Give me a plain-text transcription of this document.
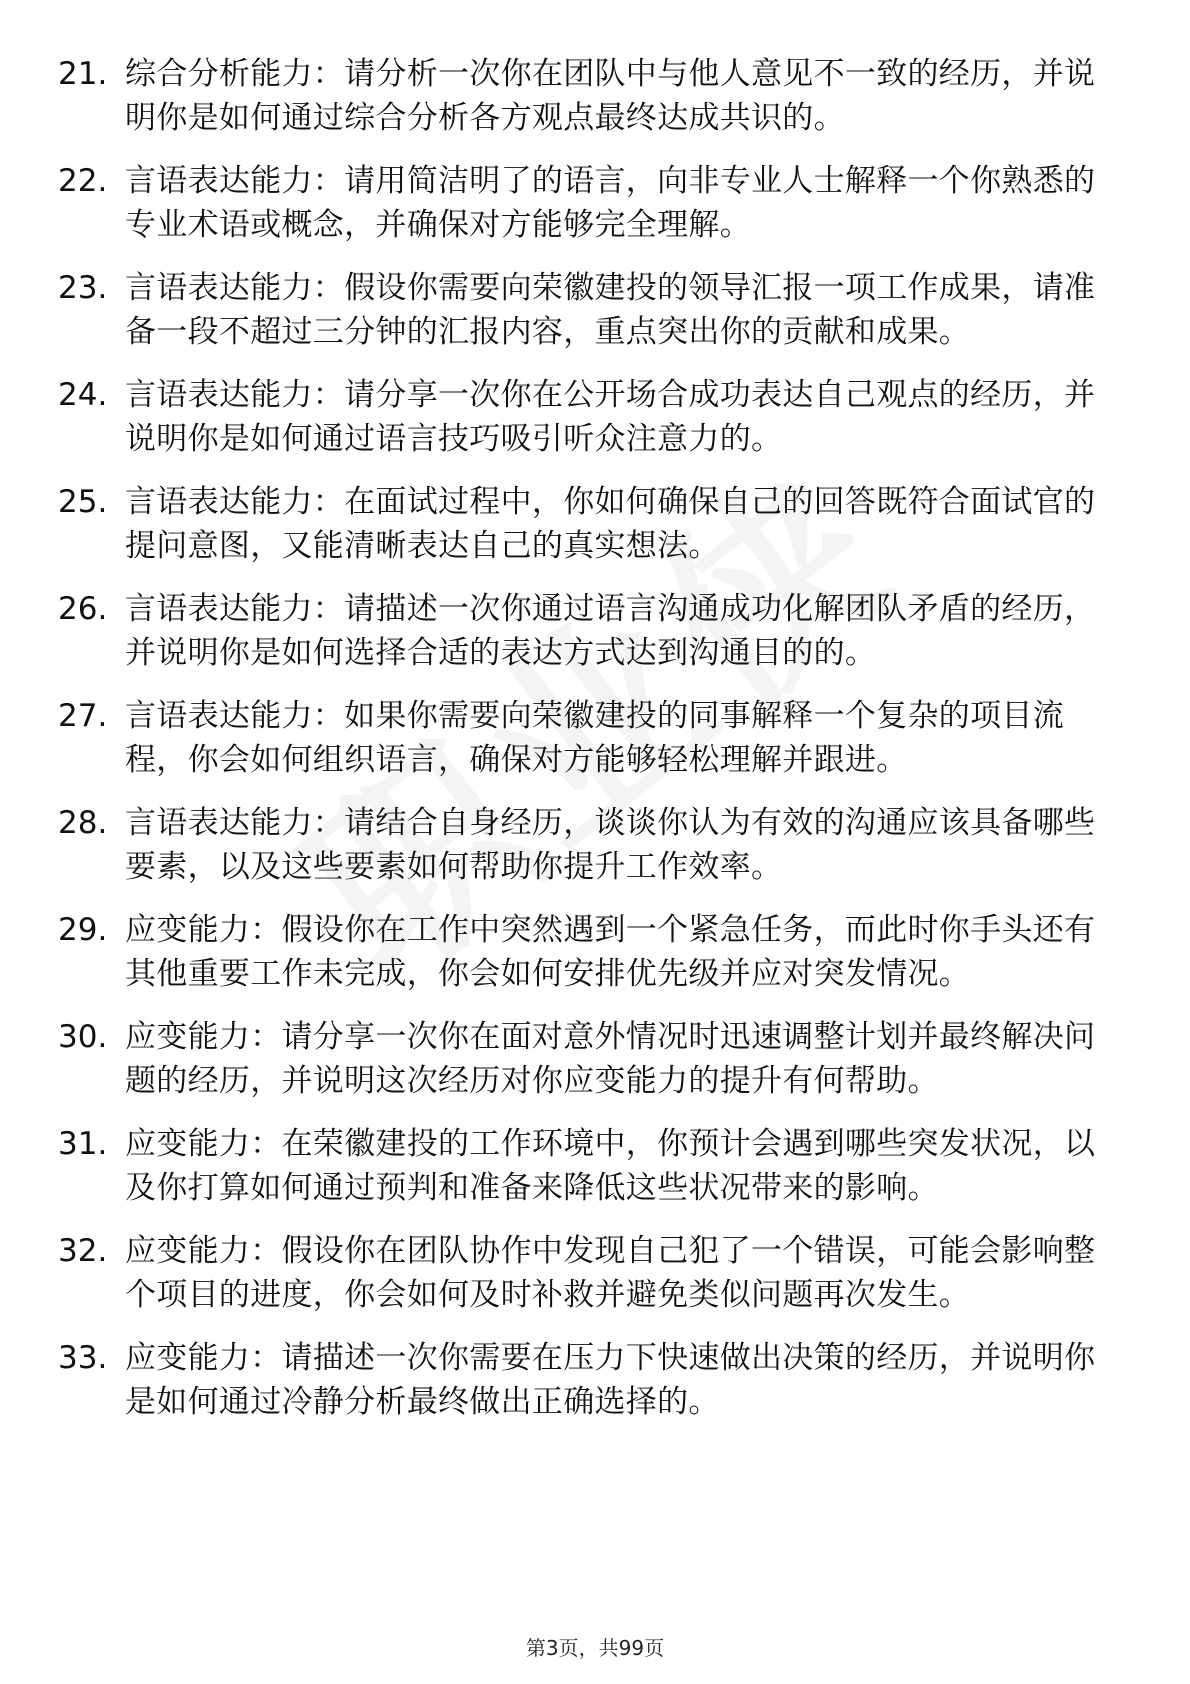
21. 综合分析能力：请分析一次你在团队中与他人意见不一致的经历，并说明你是如何通过综合分析各方观点最终达成共识的。
22. 言语表达能力：请用简洁明了的语言，向非专业人士解释一个你熟悉的专业术语或概念，并确保对方能够完全理解。
23. 言语表达能力：假设你需要向荣徽建投的领导汇报一项工作成果，请准备一段不超过三分钟的汇报内容，重点突出你的贡献和成果。
24. 言语表达能力：请分享一次你在公开场合成功表达自己观点的经历，并说明你是如何通过语言技巧吸引听众注意力的。
25. 言语表达能力：在面试过程中，你如何确保自己的回答既符合面试官的提问意图，又能清晰表达自己的真实想法。
26. 言语表达能力：请描述一次你通过语言沟通成功化解团队矛盾的经历，并说明你是如何选择合适的表达方式达到沟通目的的。
27. 言语表达能力：如果你需要向荣徽建投的同事解释一个复杂的项目流程，你会如何组织语言，确保对方能够轻松理解并跟进。
28. 言语表达能力：请结合自身经历，谈谈你认为有效的沟通应该具备哪些要素，以及这些要素如何帮助你提升工作效率。
29. 应变能力：假设你在工作中突然遇到一个紧急任务，而此时你手头还有其他重要工作未完成，你会如何安排优先级并应对突发情况。
30. 应变能力：请分享一次你在面对意外情况时迅速调整计划并最终解决问题的经历，并说明这次经历对你应变能力的提升有何帮助。
31. 应变能力：在荣徽建投的工作环境中，你预计会遇到哪些突发状况，以及你打算如何通过预判和准备来降低这些状况带来的影响。
32. 应变能力：假设你在团队协作中发现自己犯了一个错误，可能会影响整个项目的进度，你会如何及时补救并避免类似问题再次发生。
33. 应变能力：请描述一次你需要在压力下快速做出决策的经历，并说明你是如何通过冷静分析最终做出正确选择的。
第3页，共99页
